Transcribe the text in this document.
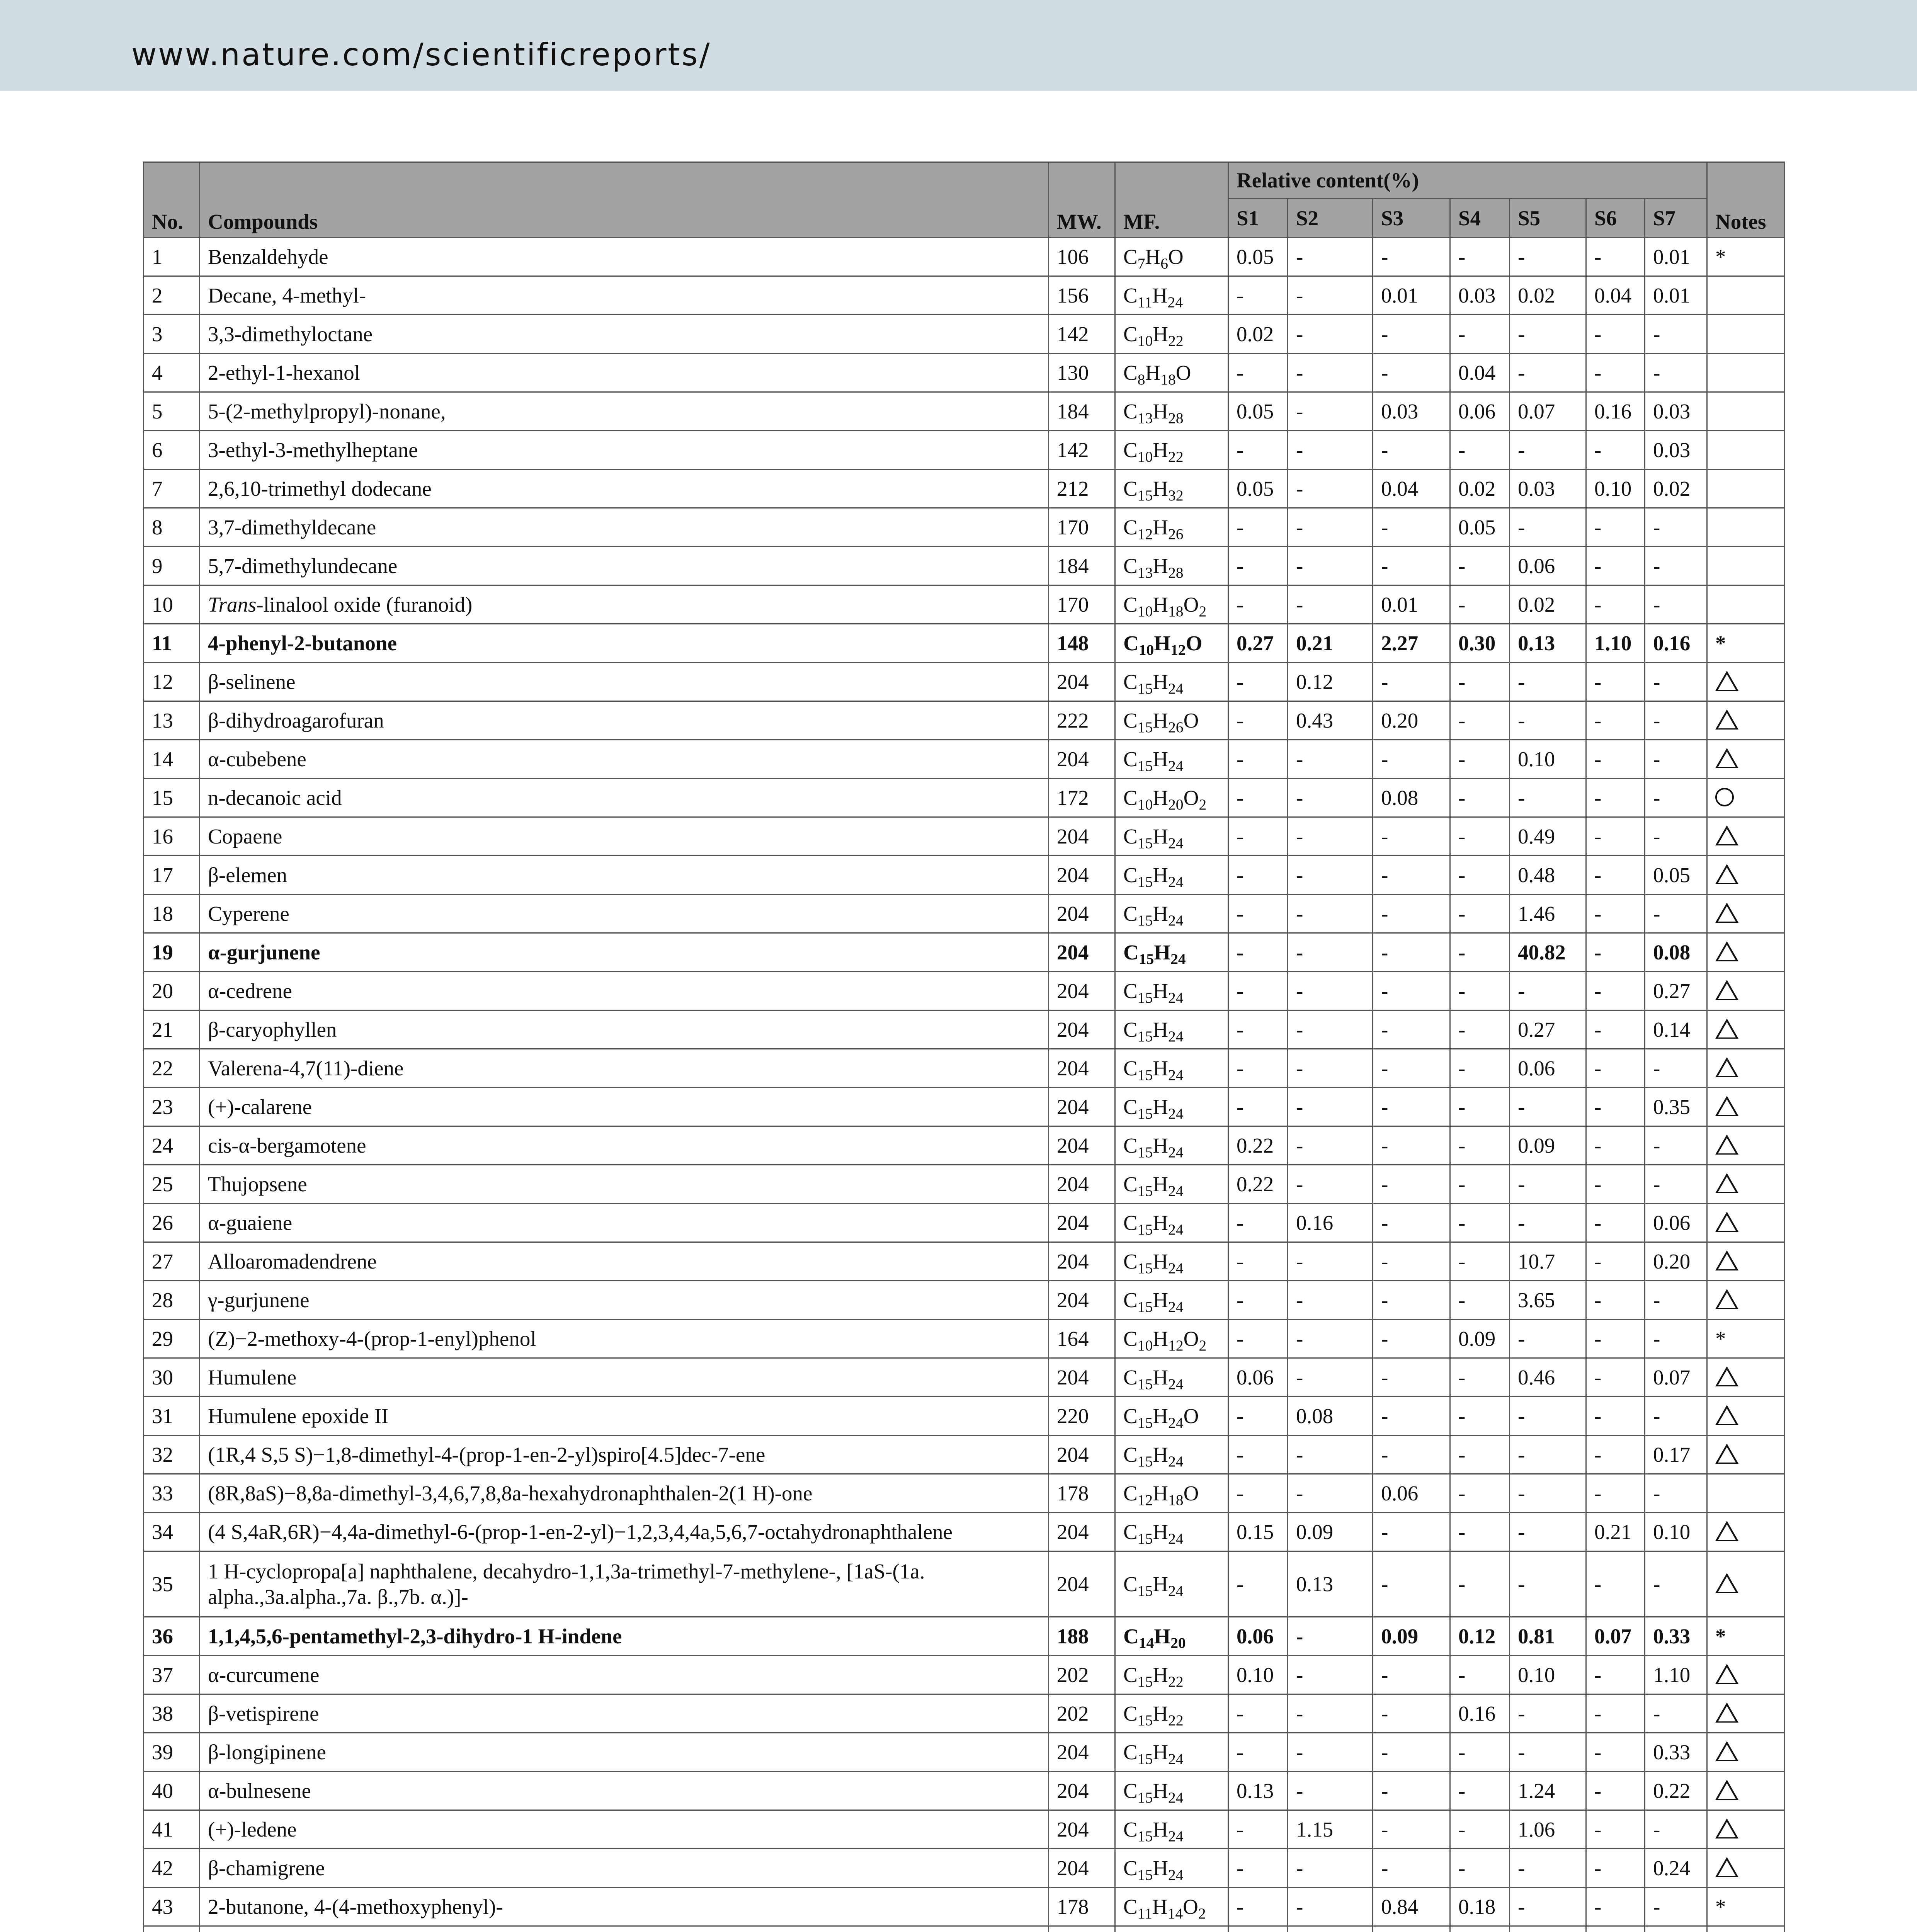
www.nature.com/scientificreports/
No.	Compounds	MW.	MF.	Relative content(%)							Notes
				S1	S2	S3	S4	S5	S6	S7	
1	Benzaldehyde	106	$C_7H_6O$	0.05	-	-	-	-	-	0.01	*
2	Decane, 4-methyl-	156	$C_{11}H_{24}$	-	-	0.01	0.03	0.02	0.04	0.01	
3	3,3-dimethyloctane	142	$C_{10}H_{22}$	0.02	-	-	-	-	-	-	
4	2-ethyl-1-hexanol	130	$C_8H_{18}O$	-	-	-	0.04	-	-	-	
5	5-(2-methylpropyl)-nonane,	184	$C_{13}H_{28}$	0.05	-	0.03	0.06	0.07	0.16	0.03	
6	3-ethyl-3-methylheptane	142	$C_{10}H_{22}$	-	-	-	-	-	-	0.03	
7	2,6,10-trimethyl dodecane	212	$C_{15}H_{32}$	0.05	-	0.04	0.02	0.03	0.10	0.02	
8	3,7-dimethyldecane	170	$C_{12}H_{26}$	-	-	-	0.05	-	-	-	
9	5,7-dimethylundecane	184	$C_{13}H_{28}$	-	-	-	-	0.06	-	-	
10	Trans-linalool oxide (furanoid)	170	$C_{10}H_{18}O_2$	-	-	0.01	-	0.02	-	-	
11	4-phenyl-2-butanone	148	$C_{10}H_{12}O$	0.27	0.21	2.27	0.30	0.13	1.10	0.16	*
12	β-selinene	204	$C_{15}H_{24}$	-	0.12	-	-	-	-	-	
13	β-dihydroagarofuran	222	$C_{15}H_{26}O$	-	0.43	0.20	-	-	-	-	
14	α-cubebene	204	$C_{15}H_{24}$	-	-	-	-	0.10	-	-	
15	n-decanoic acid	172	$C_{10}H_{20}O_2$	-	-	0.08	-	-	-	-	
16	Copaene	204	$C_{15}H_{24}$	-	-	-	-	0.49	-	-	
17	β-elemen	204	$C_{15}H_{24}$	-	-	-	-	0.48	-	0.05	
18	Cyperene	204	$C_{15}H_{24}$	-	-	-	-	1.46	-	-	
19	α-gurjunene	204	$C_{15}H_{24}$	-	-	-	-	40.82	-	0.08	
20	α-cedrene	204	$C_{15}H_{24}$	-	-	-	-	-	-	0.27	
21	β-caryophyllen	204	$C_{15}H_{24}$	-	-	-	-	0.27	-	0.14	
22	Valerena-4,7(11)-diene	204	$C_{15}H_{24}$	-	-	-	-	0.06	-	-	
23	(+)-calarene	204	$C_{15}H_{24}$	-	-	-	-	-	-	0.35	
24	cis-α-bergamotene	204	$C_{15}H_{24}$	0.22	-	-	-	0.09	-	-	
25	Thujopsene	204	$C_{15}H_{24}$	0.22	-	-	-	-	-	-	
26	α-guaiene	204	$C_{15}H_{24}$	-	0.16	-	-	-	-	0.06	
27	Alloaromadendrene	204	$C_{15}H_{24}$	-	-	-	-	10.7	-	0.20	
28	γ-gurjunene	204	$C_{15}H_{24}$	-	-	-	-	3.65	-	-	
29	(Z)−2-methoxy-4-(prop-1-enyl)phenol	164	$C_{10}H_{12}O_2$	-	-	-	0.09	-	-	-	*
30	Humulene	204	$C_{15}H_{24}$	0.06	-	-	-	0.46	-	0.07	
31	Humulene epoxide II	220	$C_{15}H_{24}O$	-	0.08	-	-	-	-	-	
32	(1R,4 S,5 S)−1,8-dimethyl-4-(prop-1-en-2-yl)spiro[4.5]dec-7-ene	204	$C_{15}H_{24}$	-	-	-	-	-	-	0.17	
33	(8R,8aS)−8,8a-dimethyl-3,4,6,7,8,8a-hexahydronaphthalen-2(1 H)-one	178	$C_{12}H_{18}O$	-	-	0.06	-	-	-	-	
34	(4 S,4aR,6R)−4,4a-dimethyl-6-(prop-1-en-2-yl)−1,2,3,4,4a,5,6,7-octahydronaphthalene	204	$C_{15}H_{24}$	0.15	0.09	-	-	-	0.21	0.10	
35	1 H-cyclopropa[a] naphthalene, decahydro-1,1,3a-trimethyl-7-methylene-, [1aS-(1a. alpha.,3a.alpha.,7a. β.,7b. α.)]-	204	$C_{15}H_{24}$	-	0.13	-	-	-	-	-	
36	1,1,4,5,6-pentamethyl-2,3-dihydro-1 H-indene	188	$C_{14}H_{20}$	0.06	-	0.09	0.12	0.81	0.07	0.33	*
37	α-curcumene	202	$C_{15}H_{22}$	0.10	-	-	-	0.10	-	1.10	
38	β-vetispirene	202	$C_{15}H_{22}$	-	-	-	0.16	-	-	-	
39	β-longipinene	204	$C_{15}H_{24}$	-	-	-	-	-	-	0.33	
40	α-bulnesene	204	$C_{15}H_{24}$	0.13	-	-	-	1.24	-	0.22	
41	(+)-ledene	204	$C_{15}H_{24}$	-	1.15	-	-	1.06	-	-	
42	β-chamigrene	204	$C_{15}H_{24}$	-	-	-	-	-	-	0.24	
43	2-butanone, 4-(4-methoxyphenyl)-	178	$C_{11}H_{14}O_2$	-	-	0.84	0.18	-	-	-	*
